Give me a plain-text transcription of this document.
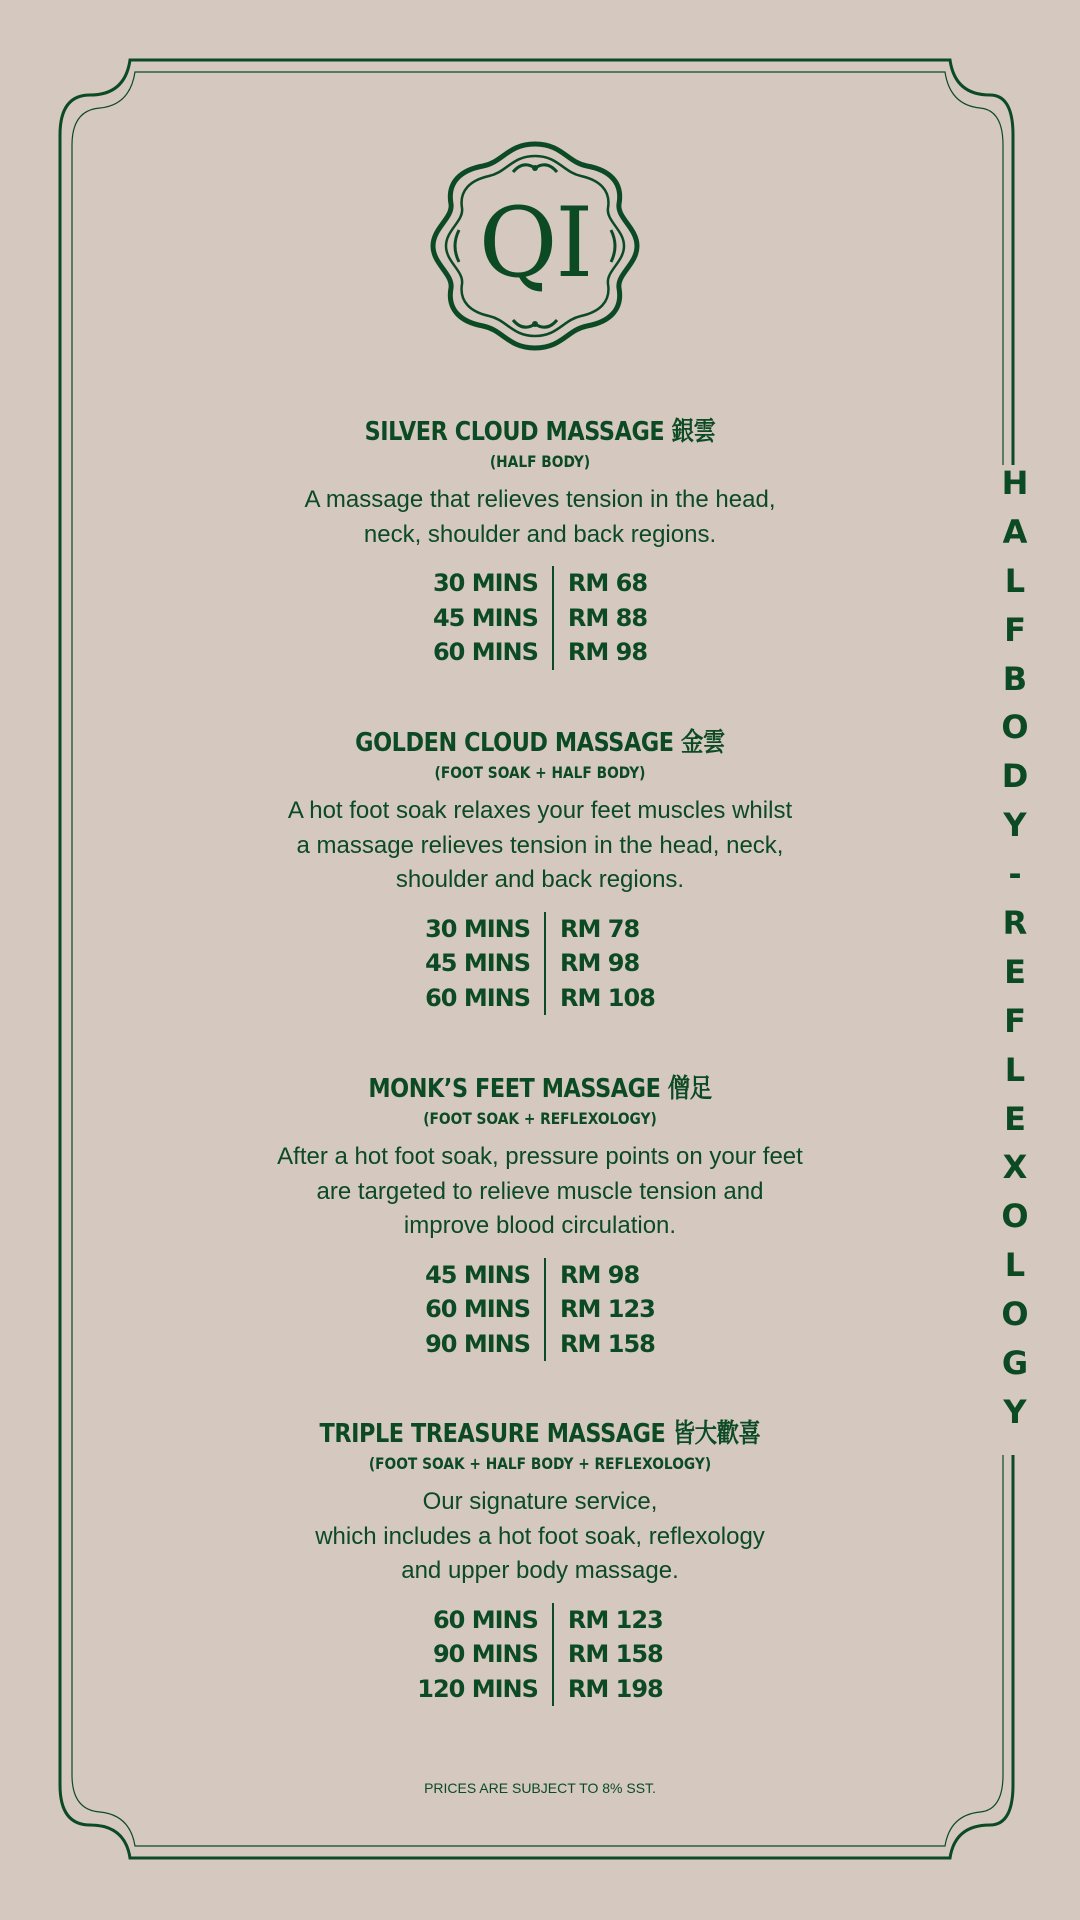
QI
H
A
L
F
B
O
D
Y
-
R
E
F
L
E
X
O
L
O
G
Y
SILVER CLOUD MASSAGE 銀雲
(HALF BODY)
A massage that relieves tension in the head,
neck, shoulder and back regions.
30 MINS
45 MINS
60 MINS
RM 68
RM 88
RM 98
GOLDEN CLOUD MASSAGE 金雲
(FOOT SOAK + HALF BODY)
A hot foot soak relaxes your feet muscles whilst
a massage relieves tension in the head, neck,
shoulder and back regions.
30 MINS
45 MINS
60 MINS
RM 78
RM 98
RM 108
MONK’S FEET MASSAGE 僧足
(FOOT SOAK + REFLEXOLOGY)
After a hot foot soak, pressure points on your feet
are targeted to relieve muscle tension and
improve blood circulation.
45 MINS
60 MINS
90 MINS
RM 98
RM 123
RM 158
TRIPLE TREASURE MASSAGE 皆大歡喜
(FOOT SOAK + HALF BODY + REFLEXOLOGY)
Our signature service,
which includes a hot foot soak, reflexology
and upper body massage.
60 MINS
90 MINS
120 MINS
RM 123
RM 158
RM 198
PRICES ARE SUBJECT TO 8% SST.
